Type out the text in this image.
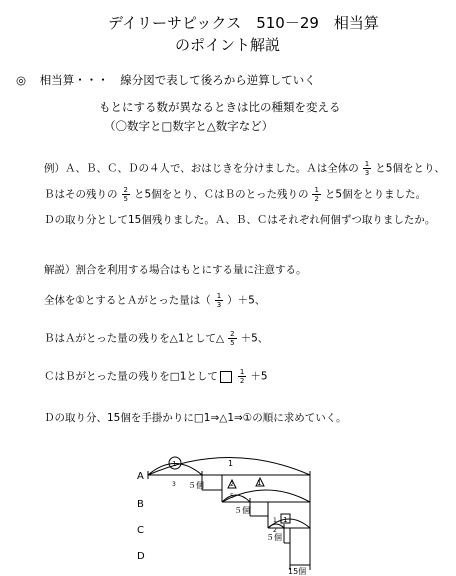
デイリーサピックス　510－29　相当算
のポイント解説
◎ 相当算・・・　線分図で表して後ろから逆算していく
もとにする数が異なるときは比の種類を変える
（〇数字と□数字と△数字など）
例）Ａ、Ｂ、Ｃ、Ｄの４人で、おはじきを分けました。Ａは全体の $\frac{1}{3}$ と5個をとり、
Ｂはその残りの $\frac{2}{5}$ と5個をとり、ＣはＢのとった残りの $\frac{1}{2}$ と5個をとりました。
Ｄの取り分として15個残りました。Ａ、Ｂ、Ｃはそれぞれ何個ずつ取りましたか。
解説）割合を利用する場合はもとにする量に注意する。
全体を①とするとＡがとった量は（ $\frac{1}{3} )+5$、
ＢはＡがとった量の残りを△1として△ $\frac{2}{5} +5$、
ＣはＢがとった量の残りを□1として	$\frac{1}{2} +5$
Ｄの取り分、15個を手掛かりに□1⇒△1⇒①の順に求めていく。
A
B
C
D
1	1
1
1
2
5
1
2
3 ５個
５個
５個
15個
